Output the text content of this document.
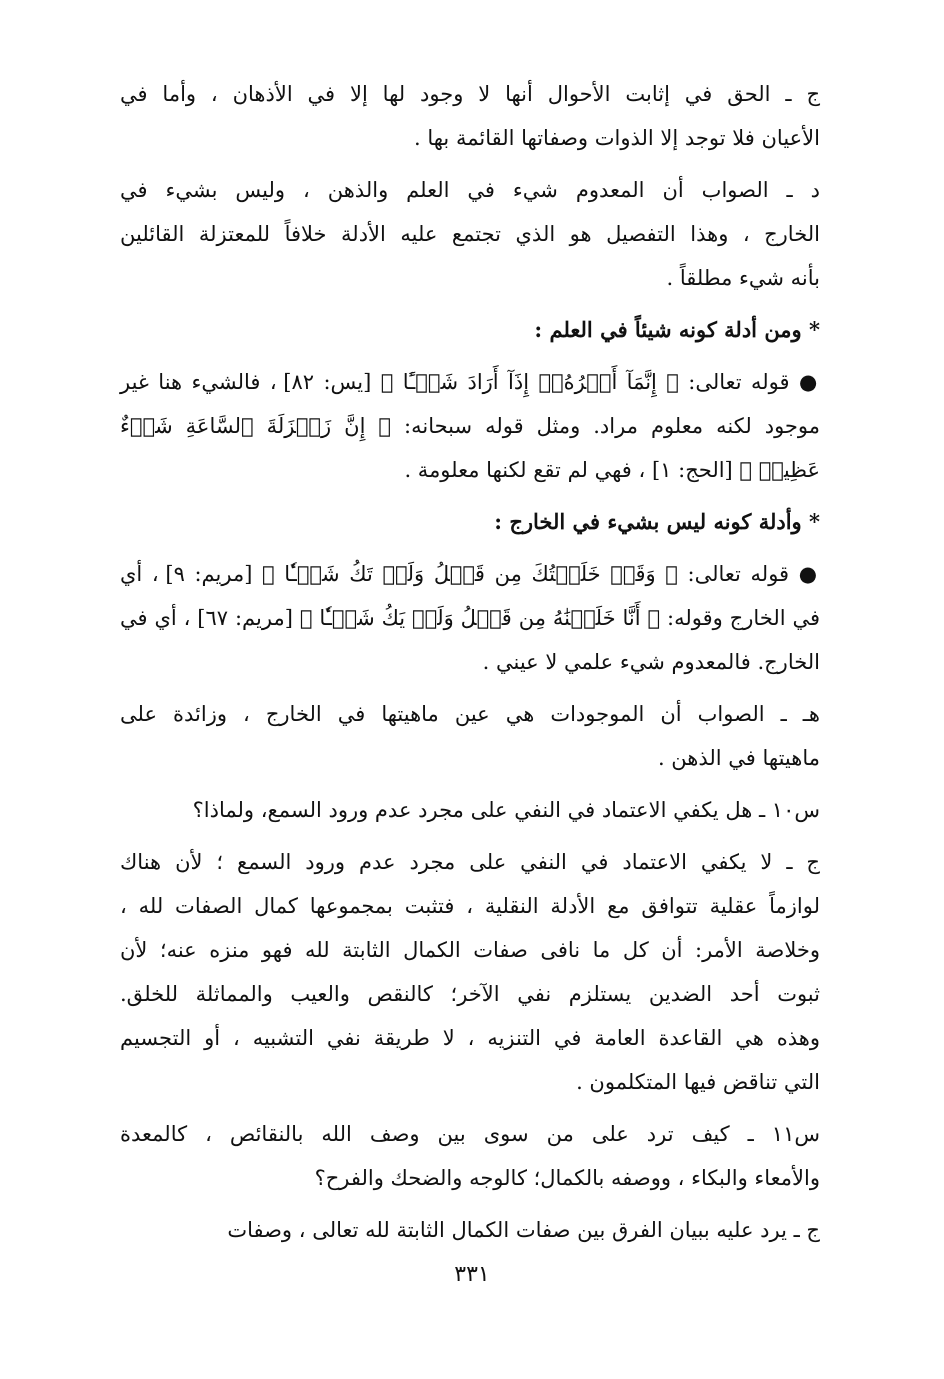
ج ـ الحق في إثابت الأحوال أنها لا وجود لها إلا في الأذهان ، وأما في
الأعيان فلا توجد إلا الذوات وصفاتها القائمة بها .
د ـ الصواب أن المعدوم شيء في العلم والذهن ، وليس بشيء في
الخارج ، وهذا التفصيل هو الذي تجتمع عليه الأدلة خلافاً للمعتزلة القائلين
بأنه شيء مطلقاً .
* ومن أدلة كونه شيئاً في العلم :
● قوله تعالى: ﴿ إِنَّمَآ أَمۡرُهُۥٓ إِذَآ أَرَادَ شَيۡـًٔا ﴾ [يس: ٨٢] ، فالشيء هنا غير
موجود لكنه معلوم مراد. ومثل قوله سبحانه: ﴿ إِنَّ زَلۡزَلَةَ ٱلسَّاعَةِ شَيۡءٌ
عَظِيمٞ ﴾ [الحج: ١] ، فهي لم تقع لكنها معلومة .
* وأدلة كونه ليس بشيء في الخارج :
● قوله تعالى: ﴿ وَقَدۡ خَلَقۡتُكَ مِن قَبۡلُ وَلَمۡ تَكُ شَيۡـٔٗا ﴾ [مريم: ٩] ، أي
في الخارج وقوله: ﴿ أَنَّا خَلَقۡنَٰهُ مِن قَبۡلُ وَلَمۡ يَكُ شَيۡـٔٗا ﴾ [مريم: ٦٧] ، أي في
الخارج. فالمعدوم شيء علمي لا عيني .
هـ ـ الصواب أن الموجودات هي عين ماهيتها في الخارج ، وزائدة على
ماهيتها في الذهن .
س١٠ ـ هل يكفي الاعتماد في النفي على مجرد عدم ورود السمع، ولماذا؟
ج ـ لا يكفي الاعتماد في النفي على مجرد عدم ورود السمع ؛ لأن هناك
لوازماً عقلية تتوافق مع الأدلة النقلية ، فتثبت بمجموعها كمال الصفات لله ،
وخلاصة الأمر: أن كل ما نافى صفات الكمال الثابتة لله فهو منزه عنه؛ لأن
ثبوت أحد الضدين يستلزم نفي الآخر؛ كالنقص والعيب والمماثلة للخلق.
وهذه هي القاعدة العامة في التنزيه ، لا طريقة نفي التشبيه ، أو التجسيم
التي تناقض فيها المتكلمون .
س١١ ـ كيف ترد على من سوى بين وصف الله بالنقائص ، كالمعدة
والأمعاء والبكاء ، ووصفه بالكمال؛ كالوجه والضحك والفرح؟
ج ـ يرد عليه ببيان الفرق بين صفات الكمال الثابتة لله تعالى ، وصفات
٣٣١
